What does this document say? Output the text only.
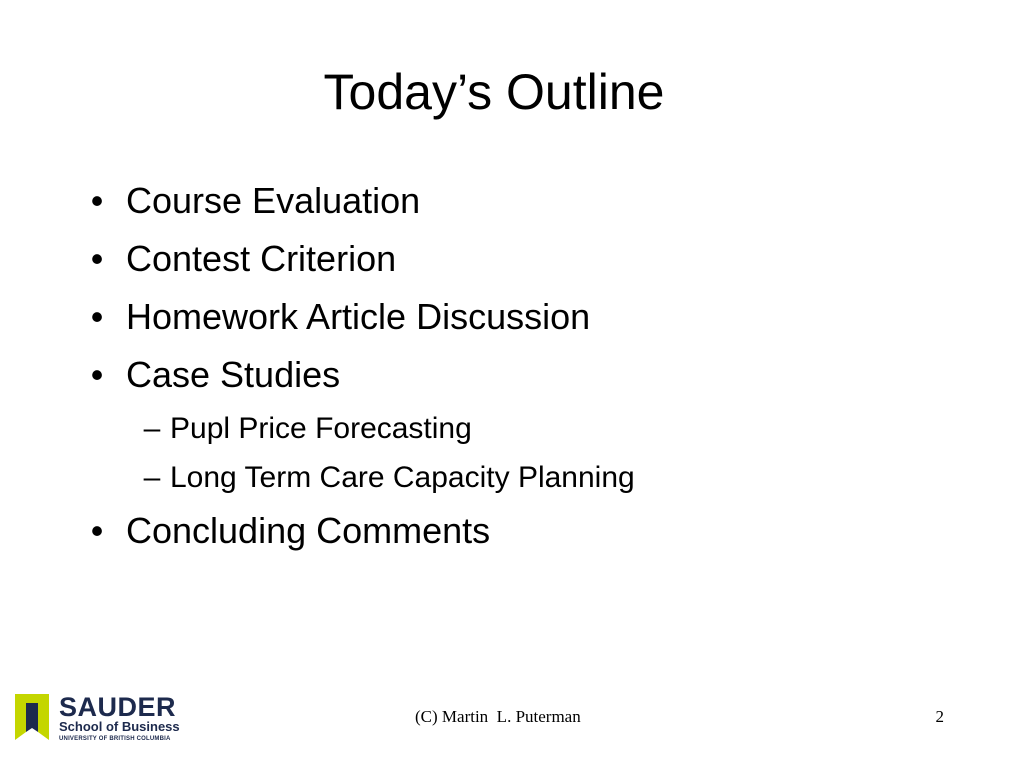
Today’s Outline
• Course Evaluation
• Contest Criterion
• Homework Article Discussion
• Case Studies
– Pupl Price Forecasting
– Long Term Care Capacity Planning
• Concluding Comments
SAUDER
School of Business
UNIVERSITY OF BRITISH COLUMBIA
(C) Martin  L. Puterman	2
